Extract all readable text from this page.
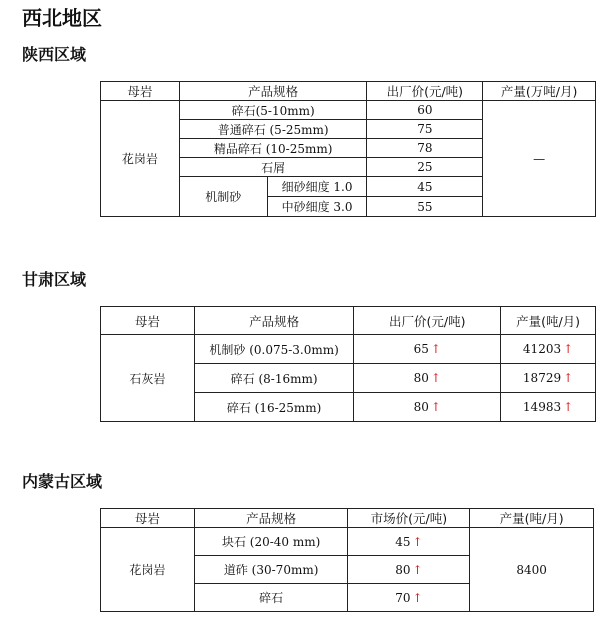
西北地区
陕西区域
母岩	产品规格		出厂价(元/吨)	产量(万吨/月)
花岗岩	碎石(5-10mm)		60	—
	普通碎石 (5-25mm)		75	
	精品碎石 (10-25mm)		78	
	石屑		25	
	机制砂	细砂细度 1.0	45	
		中砂细度 3.0	55	
甘肃区域
母岩	产品规格	出厂价(元/吨)	产量(吨/月)
石灰岩	机制砂 (0.075-3.0mm)	65 ↑	41203 ↑
	碎石 (8-16mm)	80 ↑	18729 ↑
	碎石 (16-25mm)	80 ↑	14983 ↑
内蒙古区域
母岩	产品规格	市场价(元/吨)	产量(吨/月)
花岗岩	块石 (20-40 mm)	45 ↑	8400
	道砟 (30-70mm)	80 ↑	
	碎石	70 ↑	
